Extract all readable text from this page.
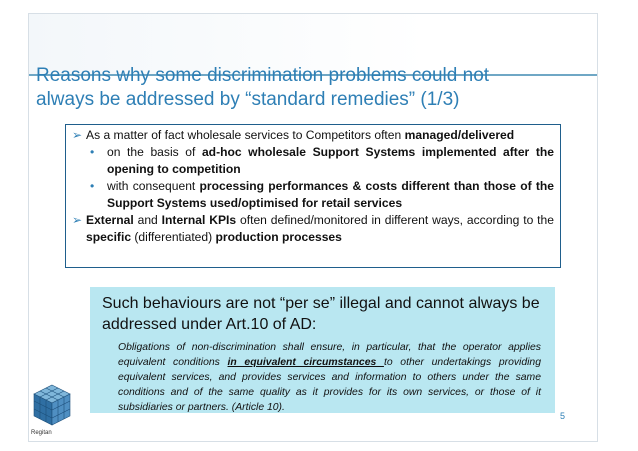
Reasons why some discrimination problems could not
always be addressed by “standard remedies” (1/3)
➢ As a matter of fact wholesale services to Competitors often managed/delivered
• on the basis of ad-hoc wholesale Support Systems implemented after the opening to competition
• with consequent processing performances & costs different than those of the Support Systems used/optimised for retail services
➢ External and Internal KPIs often defined/monitored in different ways, according to the specific (differentiated) production processes
Such behaviours are not “per se” illegal and cannot always be addressed under Art.10 of AD:
Obligations of non-discrimination shall ensure, in particular, that the operator applies equivalent conditions in equivalent circumstances to other undertakings providing equivalent services, and provides services and information to others under the same conditions and of the same quality as it provides for its own services, or those of it subsidiaries or partners. (Article 10).
5
Regitan
